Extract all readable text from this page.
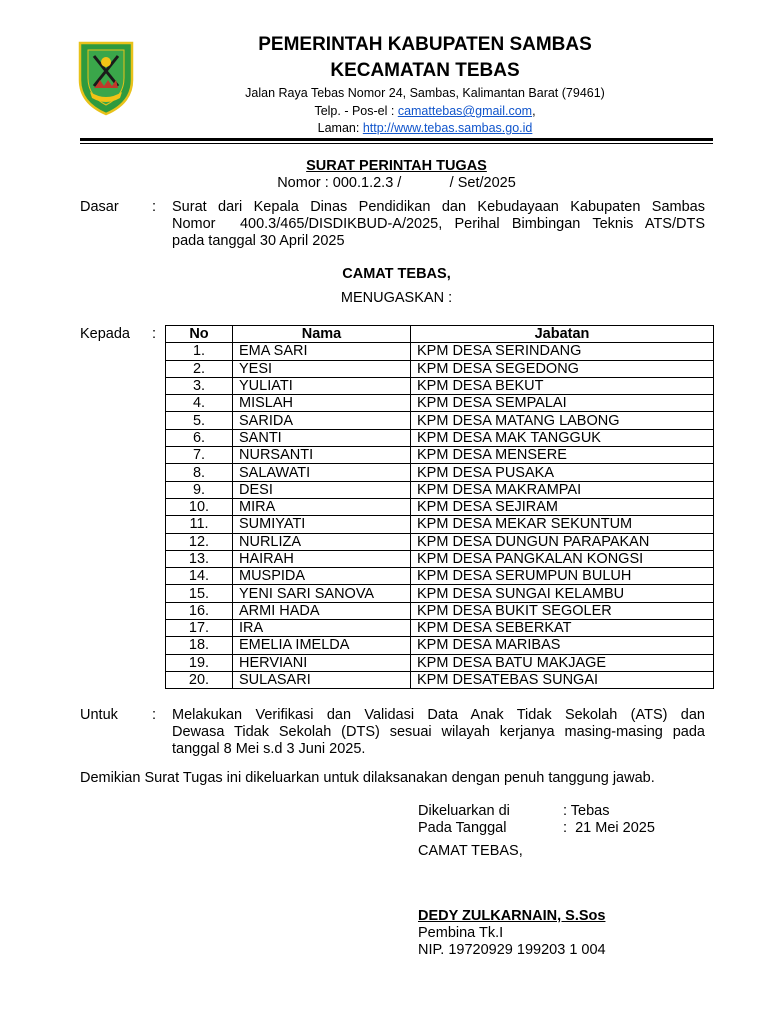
PEMERINTAH KABUPATEN SAMBAS
KECAMATAN TEBAS
Jalan Raya Tebas Nomor 24, Sambas, Kalimantan Barat (79461)
Telp. - Pos-el : camattebas@gmail.com,
Laman: http://www.tebas.sambas.go.id
SURAT PERINTAH TUGAS
Nomor : 000.1.2.3 /            / Set/2025
Dasar : Surat dari Kepala Dinas Pendidikan dan Kebudayaan Kabupaten Sambas
Nomor  400.3/465/DISDIKBUD-A/2025, Perihal Bimbingan Teknis ATS/DTS
pada tanggal 30 April 2025
CAMAT TEBAS,
MENUGASKAN :
Kepada : No	Nama	Jabatan
1.	EMA SARI	KPM DESA SERINDANG
2.	YESI	KPM DESA SEGEDONG
3.	YULIATI	KPM DESA BEKUT
4.	MISLAH	KPM DESA SEMPALAI
5.	SARIDA	KPM DESA MATANG LABONG
6.	SANTI	KPM DESA MAK TANGGUK
7.	NURSANTI	KPM DESA MENSERE
8.	SALAWATI	KPM DESA PUSAKA
9.	DESI	KPM DESA MAKRAMPAI
10.	MIRA	KPM DESA SEJIRAM
11.	SUMIYATI	KPM DESA MEKAR SEKUNTUM
12.	NURLIZA	KPM DESA DUNGUN PARAPAKAN
13.	HAIRAH	KPM DESA PANGKALAN KONGSI
14.	MUSPIDA	KPM DESA SERUMPUN BULUH
15.	YENI SARI SANOVA	KPM DESA SUNGAI KELAMBU
16.	ARMI HADA	KPM DESA BUKIT SEGOLER
17.	IRA	KPM DESA SEBERKAT
18.	EMELIA IMELDA	KPM DESA MARIBAS
19.	HERVIANI	KPM DESA BATU MAKJAGE
20.	SULASARI	KPM DESATEBAS SUNGAI
Untuk : Melakukan Verifikasi dan Validasi Data Anak Tidak Sekolah (ATS) dan
Dewasa Tidak Sekolah (DTS) sesuai wilayah kerjanya masing-masing pada
tanggal 8 Mei s.d 3 Juni 2025.
Demikian Surat Tugas ini dikeluarkan untuk dilaksanakan dengan penuh tanggung jawab.
Dikeluarkan di	: Tebas
Pada Tanggal	:  21 Mei 2025
CAMAT TEBAS,
DEDY ZULKARNAIN, S.Sos
Pembina Tk.I
NIP. 19720929 199203 1 004
